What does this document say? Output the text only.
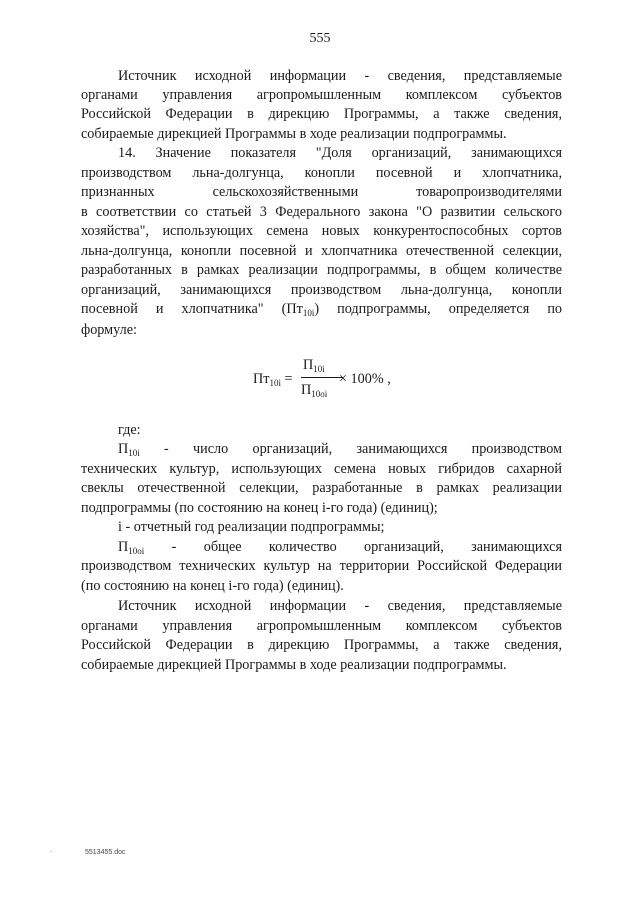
555
Источник исходной информации - сведения, представляемые
органами управления агропромышленным комплексом субъектов
Российской Федерации в дирекцию Программы, а также сведения,
собираемые дирекцией Программы в ходе реализации подпрограммы.
14. Значение показателя "Доля организаций, занимающихся
производством льна-долгунца, конопли посевной и хлопчатника,
признанных сельскохозяйственными товаропроизводителями
в соответствии со статьей 3 Федерального закона "О развитии сельского
хозяйства", использующих семена новых конкурентоспособных сортов
льна-долгунца, конопли посевной и хлопчатника отечественной селекции,
разработанных в рамках реализации подпрограммы, в общем количестве
организаций, занимающихся производством льна-долгунца, конопли
посевной и хлопчатника" $(Пт_{10i})$ подпрограммы, определяется по
формуле:
$Пт_{10i}$ =
$П_{10i}$
$П_{10oi}$
× 100% ,
где:
$П_{10i}$ - число организаций, занимающихся производством
технических культур, использующих семена новых гибридов сахарной
свеклы отечественной селекции, разработанные в рамках реализации
подпрограммы (по состоянию на конец i-го года) (единиц);
i - отчетный год реализации подпрограммы;
$П_{10oi}$ - общее количество организаций, занимающихся
производством технических культур на территории Российской Федерации
(по состоянию на конец i-го года) (единиц).
Источник исходной информации - сведения, представляемые
органами управления агропромышленным комплексом субъектов
Российской Федерации в дирекцию Программы, а также сведения,
собираемые дирекцией Программы в ходе реализации подпрограммы.
·	5513455.doc
